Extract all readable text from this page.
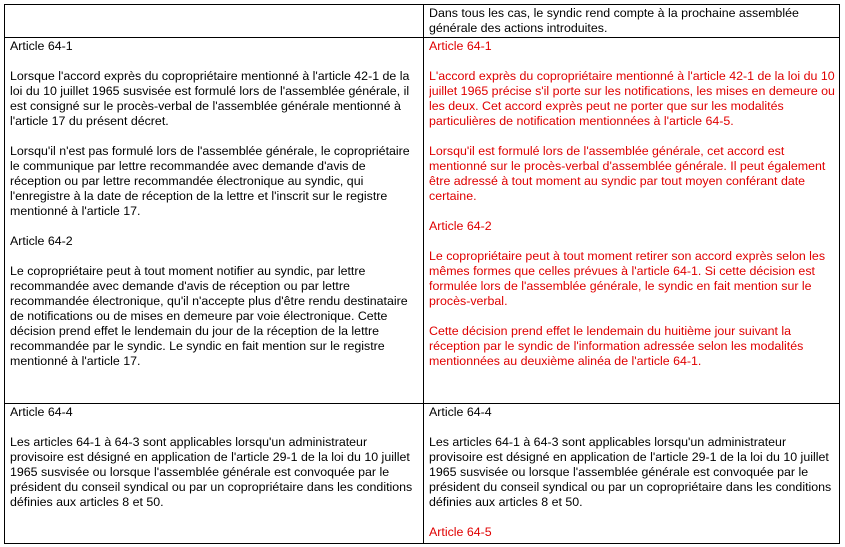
Dans tous les cas, le syndic rend compte à la prochaine assemblée générale des actions introduites.

Article 64-1

Lorsque l'accord exprès du copropriétaire mentionné à l'article 42-1 de la loi du 10 juillet 1965 susvisée est formulé lors de l'assemblée générale, il est consigné sur le procès-verbal de l'assemblée générale mentionné à l'article 17 du présent décret.

Lorsqu'il n'est pas formulé lors de l'assemblée générale, le copropriétaire le communique par lettre recommandée avec demande d'avis de réception ou par lettre recommandée électronique au syndic, qui l'enregistre à la date de réception de la lettre et l'inscrit sur le registre mentionné à l'article 17.

Article 64-2

Le copropriétaire peut à tout moment notifier au syndic, par lettre recommandée avec demande d'avis de réception ou par lettre recommandée électronique, qu'il n'accepte plus d'être rendu destinataire de notifications ou de mises en demeure par voie électronique. Cette décision prend effet le lendemain du jour de la réception de la lettre recommandée par le syndic. Le syndic en fait mention sur le registre mentionné à l'article 17.

Article 64-1

L'accord exprès du copropriétaire mentionné à l'article 42-1 de la loi du 10 juillet 1965 précise s'il porte sur les notifications, les mises en demeure ou les deux. Cet accord exprès peut ne porter que sur les modalités particulières de notification mentionnées à l'article 64-5.

Lorsqu'il est formulé lors de l'assemblée générale, cet accord est mentionné sur le procès-verbal d'assemblée générale. Il peut également être adressé à tout moment au syndic par tout moyen conférant date certaine.

Article 64-2

Le copropriétaire peut à tout moment retirer son accord exprès selon les mêmes formes que celles prévues à l'article 64-1. Si cette décision est formulée lors de l'assemblée générale, le syndic en fait mention sur le procès-verbal.

Cette décision prend effet le lendemain du huitième jour suivant la réception par le syndic de l'information adressée selon les modalités mentionnées au deuxième alinéa de l'article 64-1.

Article 64-4

Les articles 64-1 à 64-3 sont applicables lorsqu'un administrateur provisoire est désigné en application de l'article 29-1 de la loi du 10 juillet 1965 susvisée ou lorsque l'assemblée générale est convoquée par le président du conseil syndical ou par un copropriétaire dans les conditions définies aux articles 8 et 50.

Article 64-4

Les articles 64-1 à 64-3 sont applicables lorsqu'un administrateur provisoire est désigné en application de l'article 29-1 de la loi du 10 juillet 1965 susvisée ou lorsque l'assemblée générale est convoquée par le président du conseil syndical ou par un copropriétaire dans les conditions définies aux articles 8 et 50.

Article 64-5
